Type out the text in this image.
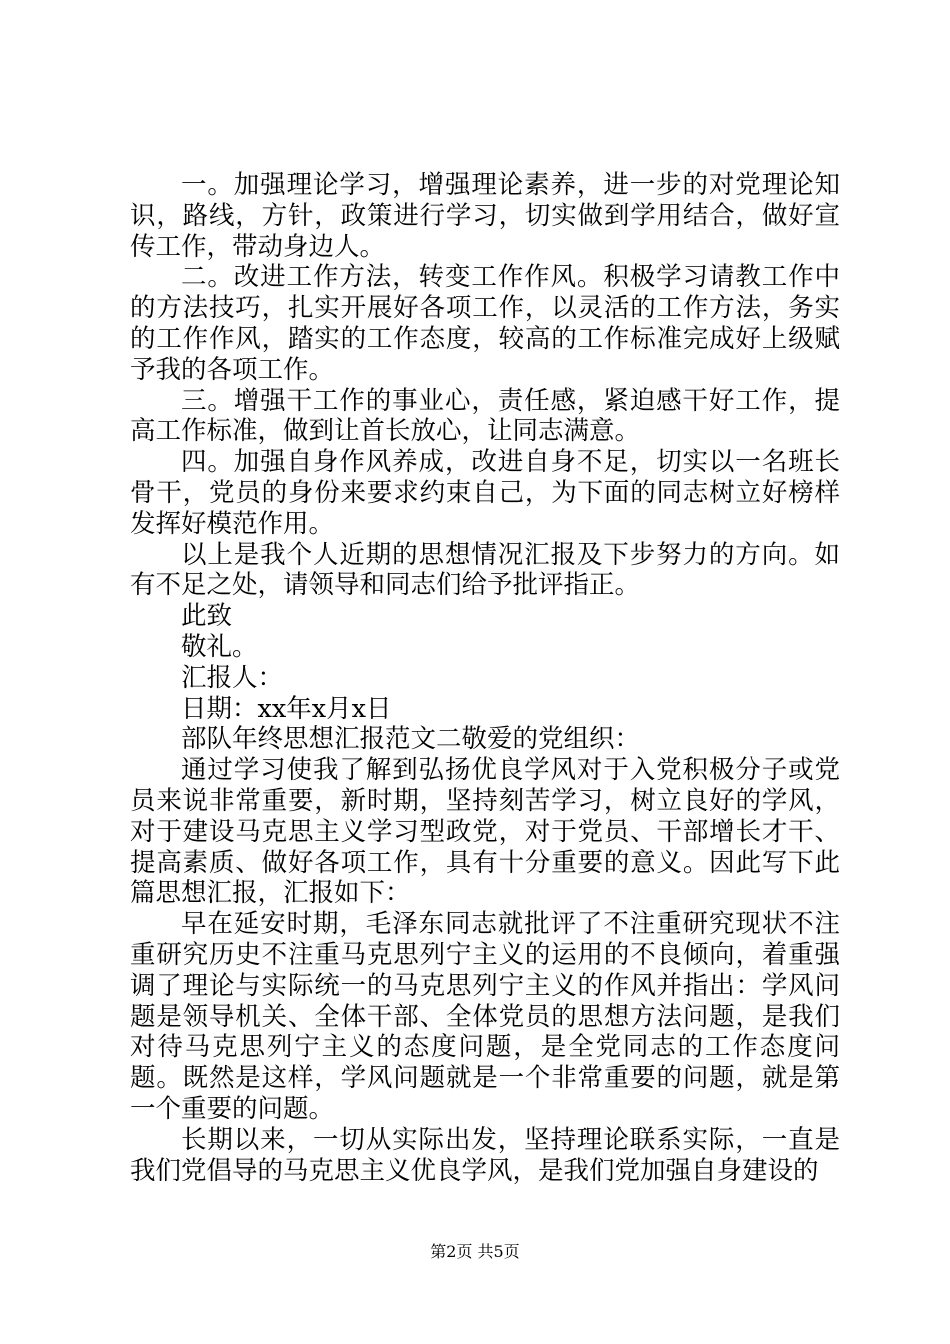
一。加强理论学习，增强理论素养，进一步的对党理论知识，路线，方针，政策进行学习，切实做到学用结合，做好宣传工作，带动身边人。

二。改进工作方法，转变工作作风。积极学习请教工作中的方法技巧，扎实开展好各项工作，以灵活的工作方法，务实的工作作风，踏实的工作态度，较高的工作标准完成好上级赋予我的各项工作。

三。增强干工作的事业心，责任感，紧迫感干好工作，提高工作标准，做到让首长放心，让同志满意。

四。加强自身作风养成，改进自身不足，切实以一名班长骨干，党员的身份来要求约束自己，为下面的同志树立好榜样发挥好模范作用。

以上是我个人近期的思想情况汇报及下步努力的方向。如有不足之处，请领导和同志们给予批评指正。

此致

敬礼。

汇报人：

日期：xx年x月x日

部队年终思想汇报范文二敬爱的党组织：

通过学习使我了解到弘扬优良学风对于入党积极分子或党员来说非常重要，新时期，坚持刻苦学习，树立良好的学风，对于建设马克思主义学习型政党，对于党员、干部增长才干、提高素质、做好各项工作，具有十分重要的意义。因此写下此篇思想汇报，汇报如下：

早在延安时期，毛泽东同志就批评了不注重研究现状不注重研究历史不注重马克思列宁主义的运用的不良倾向，着重强调了理论与实际统一的马克思列宁主义的作风并指出：学风问题是领导机关、全体干部、全体党员的思想方法问题，是我们对待马克思列宁主义的态度问题，是全党同志的工作态度问题。既然是这样，学风问题就是一个非常重要的问题，就是第一个重要的问题。

长期以来，一切从实际出发，坚持理论联系实际，一直是我们党倡导的马克思主义优良学风，是我们党加强自身建设的

第2页 共5页
